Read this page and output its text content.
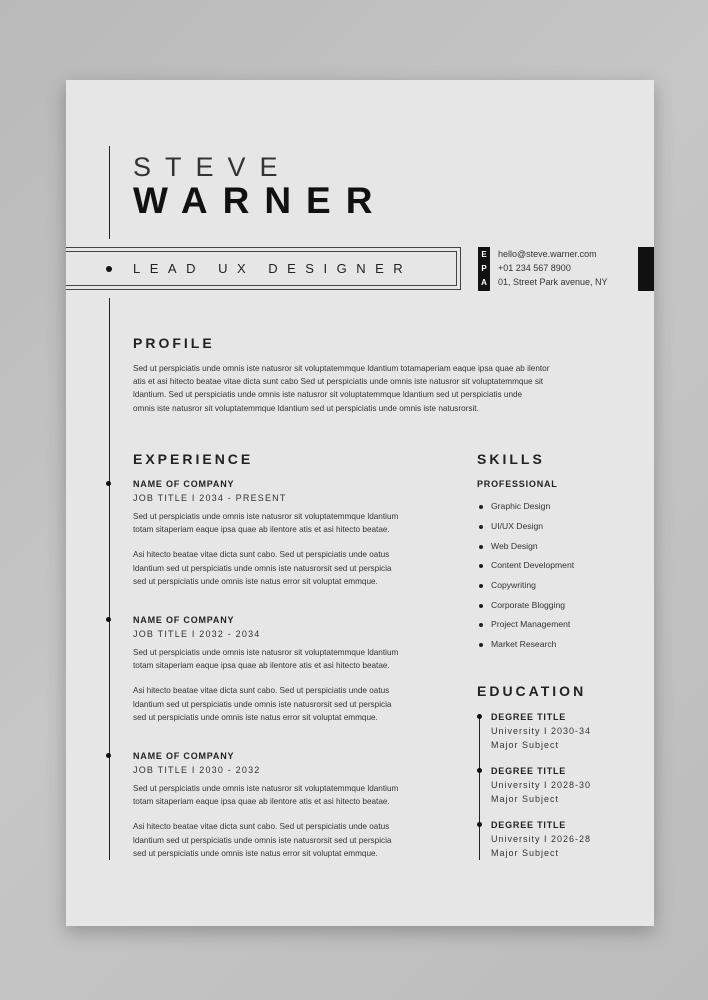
STEVE
WARNER
LEAD UX DESIGNER
E
P
A
hello@steve.warner.com
+01 234 567 8900
01, Street Park avenue, NY
PROFILE
Sed ut perspiciatis unde omnis iste natusror sit voluptatemmque ldantium totamaperiam eaque ipsa quae ab ilentor
atis et asi hitecto beatae vitae dicta sunt cabo Sed ut perspiciatis unde omnis iste natusror sit voluptatemmque sit
ldantium. Sed ut perspiciatis unde omnis iste natusror sit voluptatemmque ldantium sed ut perspiciatis unde
omnis iste natusror sit voluptatemmque ldantium sed ut perspiciatis unde omnis iste natusrorsit.
EXPERIENCE
NAME OF COMPANY
JOB TITLE I 2034 - PRESENT
Sed ut perspiciatis unde omnis iste natusror sit voluptatemmque ldantium
totam sitaperiam eaque ipsa quae ab ilentore atis et asi hitecto beatae.
Asi hitecto beatae vitae dicta sunt cabo. Sed ut perspiciatis unde oatus
ldantium sed ut perspiciatis unde omnis iste natusrorsit sed ut perspicia
sed ut perspiciatis unde omnis iste natus error sit voluptat emmque.
NAME OF COMPANY
JOB TITLE I 2032 - 2034
Sed ut perspiciatis unde omnis iste natusror sit voluptatemmque ldantium
totam sitaperiam eaque ipsa quae ab ilentore atis et asi hitecto beatae.
Asi hitecto beatae vitae dicta sunt cabo. Sed ut perspiciatis unde oatus
ldantium sed ut perspiciatis unde omnis iste natusrorsit sed ut perspicia
sed ut perspiciatis unde omnis iste natus error sit voluptat emmque.
NAME OF COMPANY
JOB TITLE I 2030 - 2032
Sed ut perspiciatis unde omnis iste natusror sit voluptatemmque ldantium
totam sitaperiam eaque ipsa quae ab ilentore atis et asi hitecto beatae.
Asi hitecto beatae vitae dicta sunt cabo. Sed ut perspiciatis unde oatus
ldantium sed ut perspiciatis unde omnis iste natusrorsit sed ut perspicia
sed ut perspiciatis unde omnis iste natus error sit voluptat emmque.
SKILLS
PROFESSIONAL
Graphic Design
UI/UX Design
Web Design
Content Development
Copywriting
Corporate Blogging
Project Management
Market Research
EDUCATION
DEGREE TITLE
University I 2030-34
Major Subject
DEGREE TITLE
University I 2028-30
Major Subject
DEGREE TITLE
University I 2026-28
Major Subject
